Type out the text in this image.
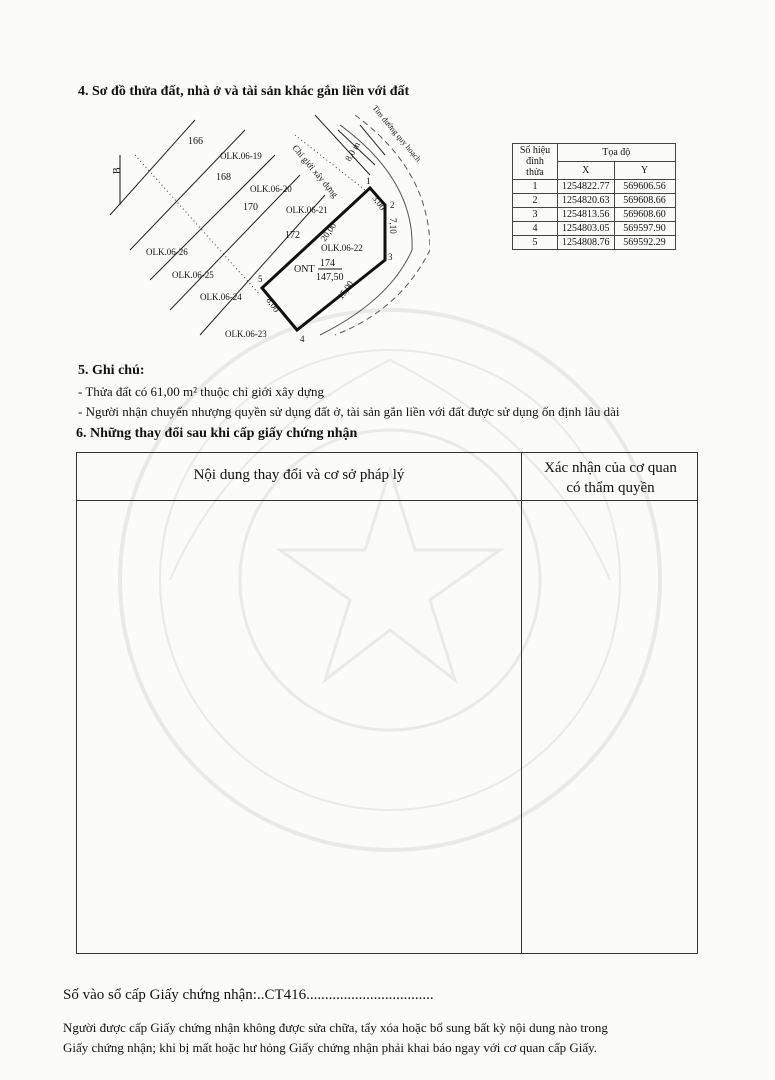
4. Sơ đồ thửa đất, nhà ở và tài sản khác gắn liền với đất
B
166
168
170
172
OLK.06-19
OLK.06-20
OLK.06-21
OLK.06-22
OLK.06-23
OLK.06-24
OLK.06-25
OLK.06-26
Tim đường quy hoạch
Chỉ giới xây dựng 8,0 m
3,00
7,10
15,00
20,00
8,00
ONT
174
147,50
1
2
3
4
5
Số hiệu đỉnh thửa	Tọa độ	
	X	Y
1	1254822.77	569606.56
2	1254820.63	569608.66
3	1254813.56	569608.60
4	1254803.05	569597.90
5	1254808.76	569592.29
5. Ghi chú:
- Thửa đất có 61,00 m² thuộc chỉ giới xây dựng
- Người nhận chuyển nhượng quyền sử dụng đất ở, tài sản gắn liền với đất được sử dụng ổn định lâu dài
6. Những thay đổi sau khi cấp giấy chứng nhận
Nội dung thay đổi và cơ sở pháp lý	Xác nhận của cơ quan
có thẩm quyền
Số vào sổ cấp Giấy chứng nhận:..CT416..................................
Người được cấp Giấy chứng nhận không được sửa chữa, tẩy xóa hoặc bổ sung bất kỳ nội dung nào trong
Giấy chứng nhận; khi bị mất hoặc hư hỏng Giấy chứng nhận phải khai báo ngay với cơ quan cấp Giấy.
